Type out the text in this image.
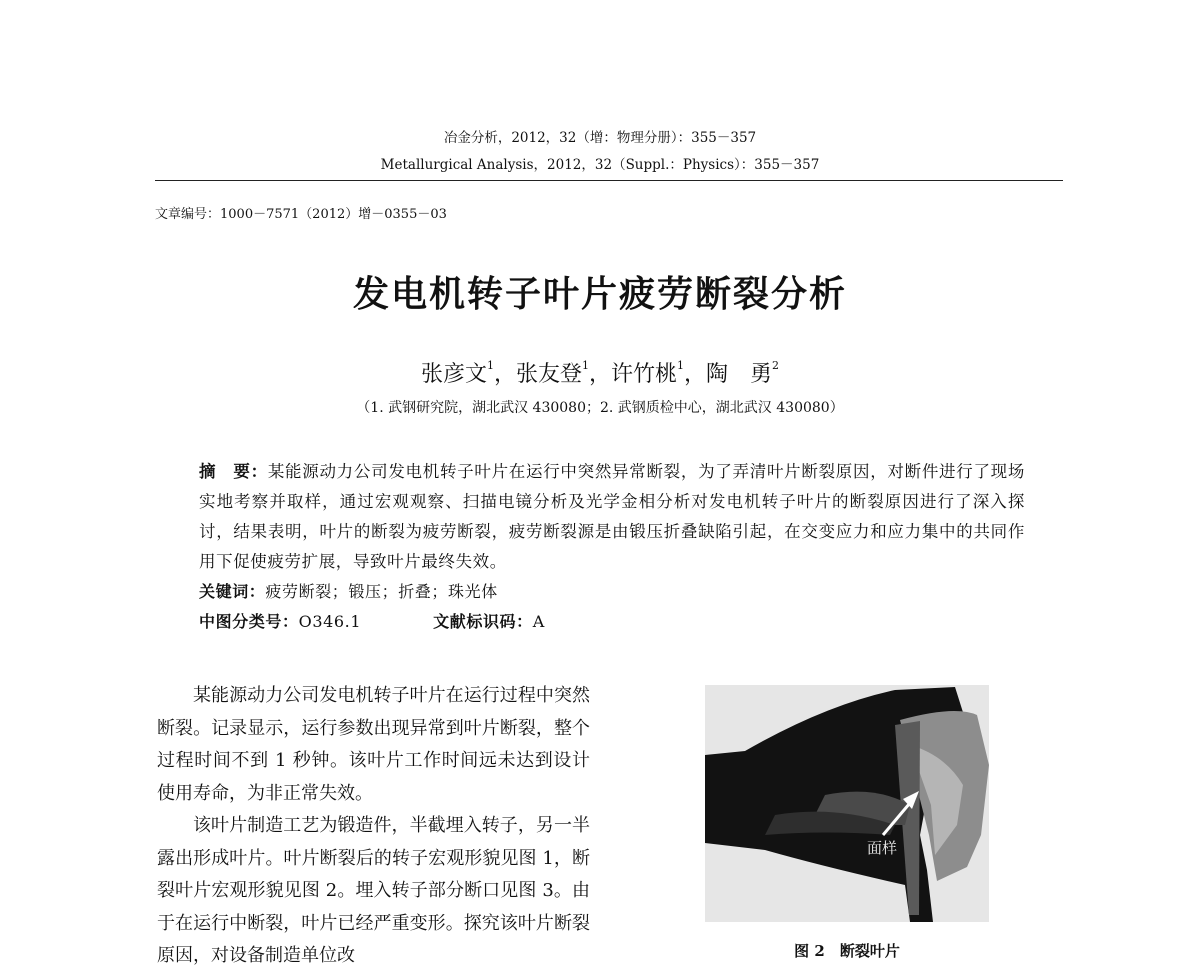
冶金分析，2012，32（增：物理分册）：355－357
Metallurgical Analysis，2012，32（Suppl.：Physics）：355－357
文章编号：1000－7571（2012）增－0355－03
发电机转子叶片疲劳断裂分析
张彦文$^1$，张友登$^1$，许竹桃$^1$，陶　勇$^2$
（1. 武钢研究院，湖北武汉 430080；2. 武钢质检中心，湖北武汉 430080）
摘　要：某能源动力公司发电机转子叶片在运行中突然异常断裂，为了弄清叶片断裂原因，对断件进行了现场实地考察并取样，通过宏观观察、扫描电镜分析及光学金相分析对发电机转子叶片的断裂原因进行了深入探讨，结果表明，叶片的断裂为疲劳断裂，疲劳断裂源是由锻压折叠缺陷引起，在交变应力和应力集中的共同作用下促使疲劳扩展，导致叶片最终失效。
关键词：疲劳断裂；锻压；折叠；珠光体
中图分类号：O346.1	文献标识码：A

某能源动力公司发电机转子叶片在运行过程中突然断裂。记录显示，运行参数出现异常到叶片断裂，整个过程时间不到 1 秒钟。该叶片工作时间远未达到设计使用寿命，为非正常失效。

该叶片制造工艺为锻造件，半截埋入转子，另一半露出形成叶片。叶片断裂后的转子宏观形貌见图 1，断裂叶片宏观形貌见图 2。埋入转子部分断口见图 3。由于在运行中断裂，叶片已经严重变形。探究该叶片断裂原因，对设备制造单位改

面样
图 2　断裂叶片
